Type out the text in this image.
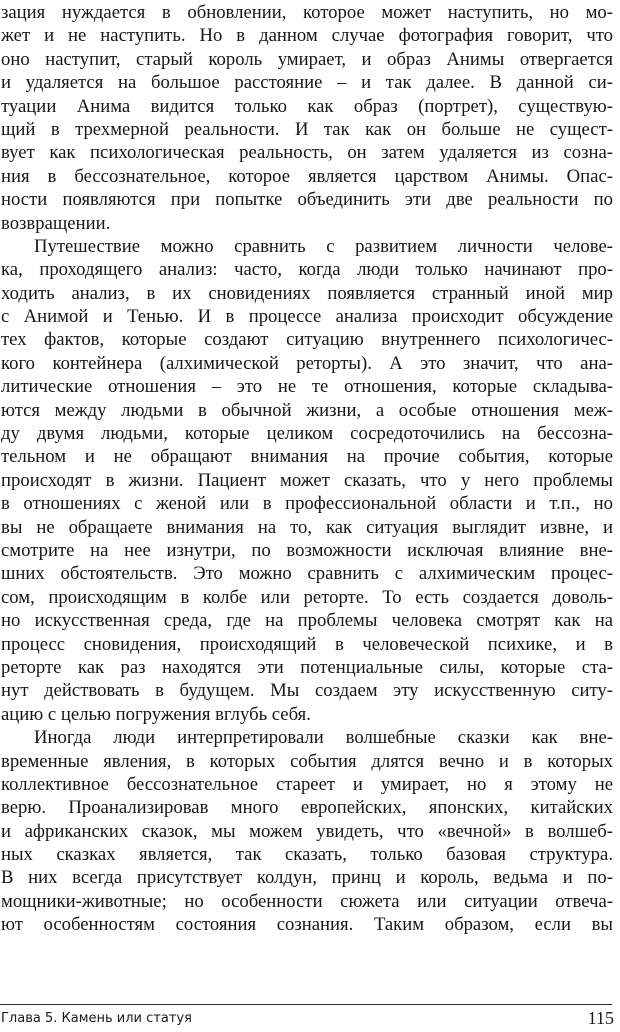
зация нуждается в обновлении, которое может наступить, но мо-
жет и не наступить. Но в данном случае фотография говорит, что
оно наступит, старый король умирает, и образ Анимы отвергается
и удаляется на большое расстояние – и так далее. В данной си-
туации Анима видится только как образ (портрет), существую-
щий в трехмерной реальности. И так как он больше не сущест-
вует как психологическая реальность, он затем удаляется из созна-
ния в бессознательное, которое является царством Анимы. Опас-
ности появляются при попытке объединить эти две реальности по
возвращении.
Путешествие можно сравнить с развитием личности челове-
ка, проходящего анализ: часто, когда люди только начинают про-
ходить анализ, в их сновидениях появляется странный иной мир
с Анимой и Тенью. И в процессе анализа происходит обсуждение
тех фактов, которые создают ситуацию внутреннего психологичес-
кого контейнера (алхимической реторты). А это значит, что ана-
литические отношения – это не те отношения, которые складыва-
ются между людьми в обычной жизни, а особые отношения меж-
ду двумя людьми, которые целиком сосредоточились на бессозна-
тельном и не обращают внимания на прочие события, которые
происходят в жизни. Пациент может сказать, что у него проблемы
в отношениях с женой или в профессиональной области и т.п., но
вы не обращаете внимания на то, как ситуация выглядит извне, и
смотрите на нее изнутри, по возможности исключая влияние вне-
шних обстоятельств. Это можно сравнить с алхимическим процес-
сом, происходящим в колбе или реторте. То есть создается доволь-
но искусственная среда, где на проблемы человека смотрят как на
процесс сновидения, происходящий в человеческой психике, и в
реторте как раз находятся эти потенциальные силы, которые ста-
нут действовать в будущем. Мы создаем эту искусственную ситу-
ацию с целью погружения вглубь себя.
Иногда люди интерпретировали волшебные сказки как вне-
временные явления, в которых события длятся вечно и в которых
коллективное бессознательное стареет и умирает, но я этому не
верю. Проанализировав много европейских, японских, китайских
и африканских сказок, мы можем увидеть, что «вечной» в волшеб-
ных сказках является, так сказать, только базовая структура.
В них всегда присутствует колдун, принц и король, ведьма и по-
мощники-животные; но особенности сюжета или ситуации отвеча-
ют особенностям состояния сознания. Таким образом, если вы
Глава 5. Камень или статуя	115
